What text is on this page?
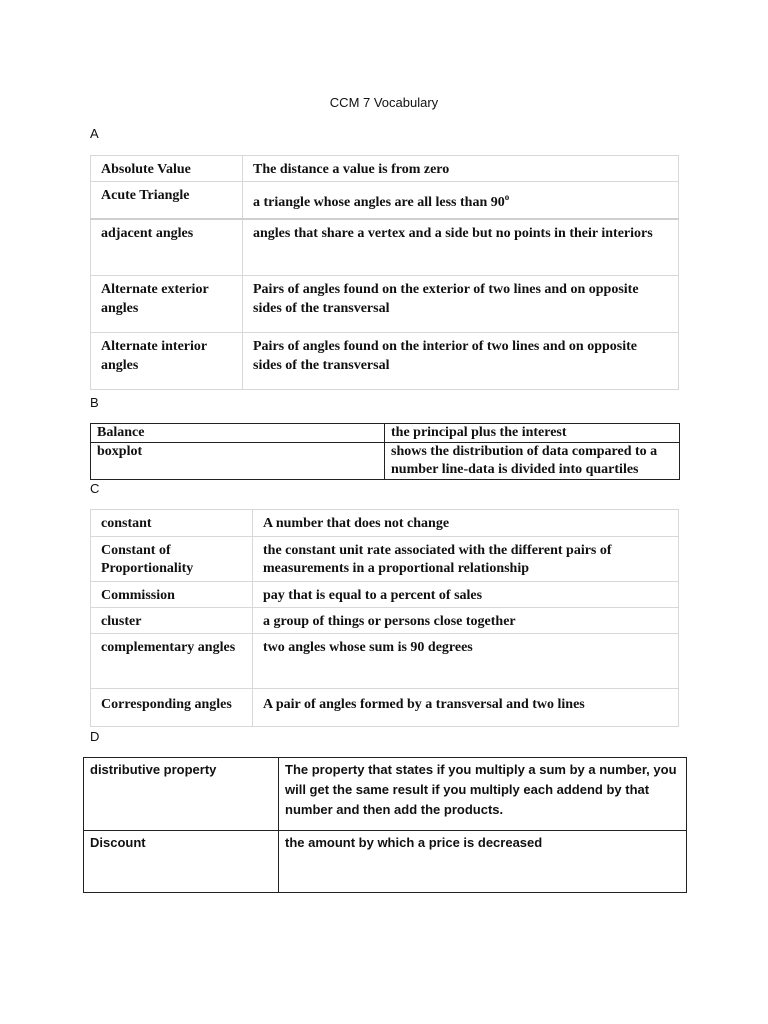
CCM 7 Vocabulary
A
Absolute Value	The distance a value is from zero
Acute Triangle	a triangle whose angles are all less than 90$^o$
adjacent angles	angles that share a vertex and a side but no points in their interiors
Alternate exterior angles	Pairs of angles found on the exterior of two lines and on opposite sides of the transversal
Alternate interior angles	Pairs of angles found on the interior of two lines and on opposite sides of the transversal
B
Balance	the principal plus the interest
boxplot	shows the distribution of data compared to a number line-data is divided into quartiles
C
constant	A number that does not change
Constant of Proportionality	the constant unit rate associated with the different pairs of measurements in a proportional relationship
Commission	pay that is equal to a percent of sales
cluster	a group of things or persons close together
complementary angles	two angles whose sum is 90 degrees
Corresponding angles	A pair of angles formed by a transversal and two lines
D
distributive property	The property that states if you multiply a sum by a number, you will get the same result if you multiply each addend by that number and then add the products.
Discount	the amount by which a price is decreased
